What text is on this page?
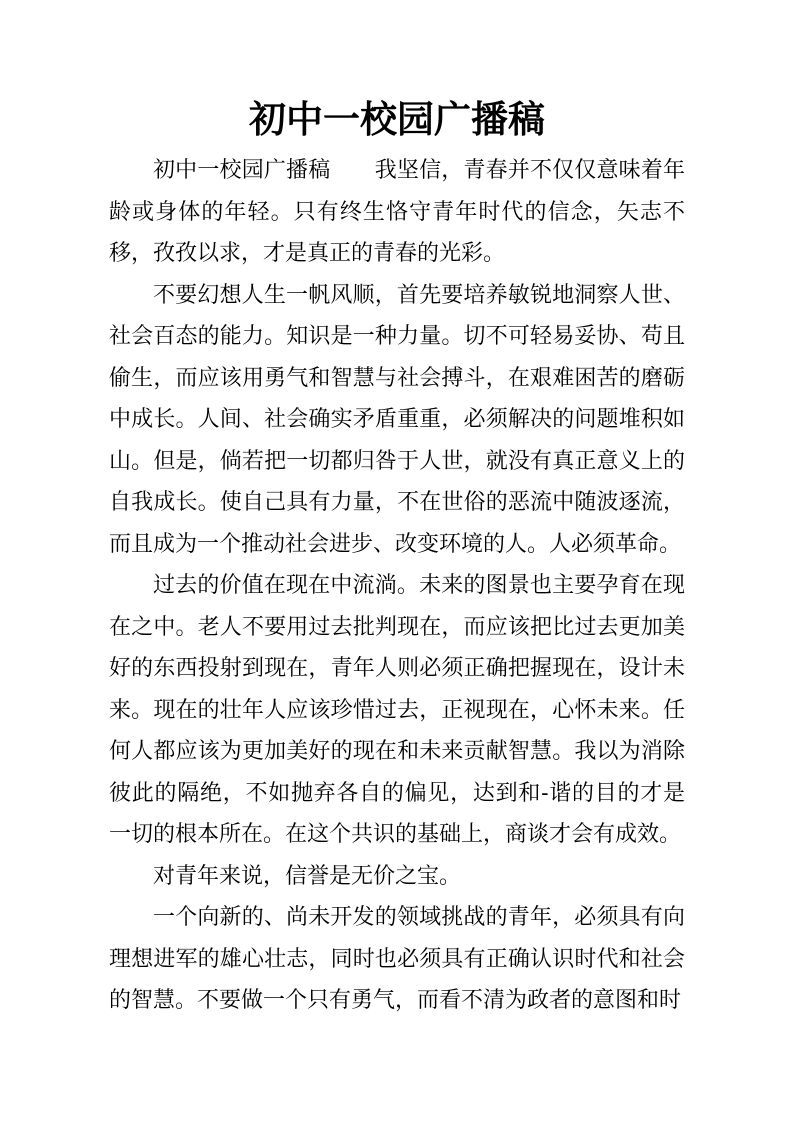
初中一校园广播稿

初中一校园广播稿　　我坚信，青春并不仅仅意味着年龄或身体的年轻。只有终生恪守青年时代的信念，矢志不移，孜孜以求，才是真正的青春的光彩。

不要幻想人生一帆风顺，首先要培养敏锐地洞察人世、社会百态的能力。知识是一种力量。切不可轻易妥协、苟且偷生，而应该用勇气和智慧与社会搏斗，在艰难困苦的磨砺中成长。人间、社会确实矛盾重重，必须解决的问题堆积如山。但是，倘若把一切都归咎于人世，就没有真正意义上的自我成长。使自己具有力量，不在世俗的恶流中随波逐流，而且成为一个推动社会进步、改变环境的人。人必须革命。

过去的价值在现在中流淌。未来的图景也主要孕育在现在之中。老人不要用过去批判现在，而应该把比过去更加美好的东西投射到现在，青年人则必须正确把握现在，设计未来。现在的壮年人应该珍惜过去，正视现在，心怀未来。任何人都应该为更加美好的现在和未来贡献智慧。我以为消除彼此的隔绝，不如抛弃各自的偏见，达到和-谐的目的才是一切的根本所在。在这个共识的基础上，商谈才会有成效。

对青年来说，信誉是无价之宝。

一个向新的、尚未开发的领域挑战的青年，必须具有向理想进军的雄心壮志，同时也必须具有正确认识时代和社会的智慧。不要做一个只有勇气，而看不清为政者的意图和时
